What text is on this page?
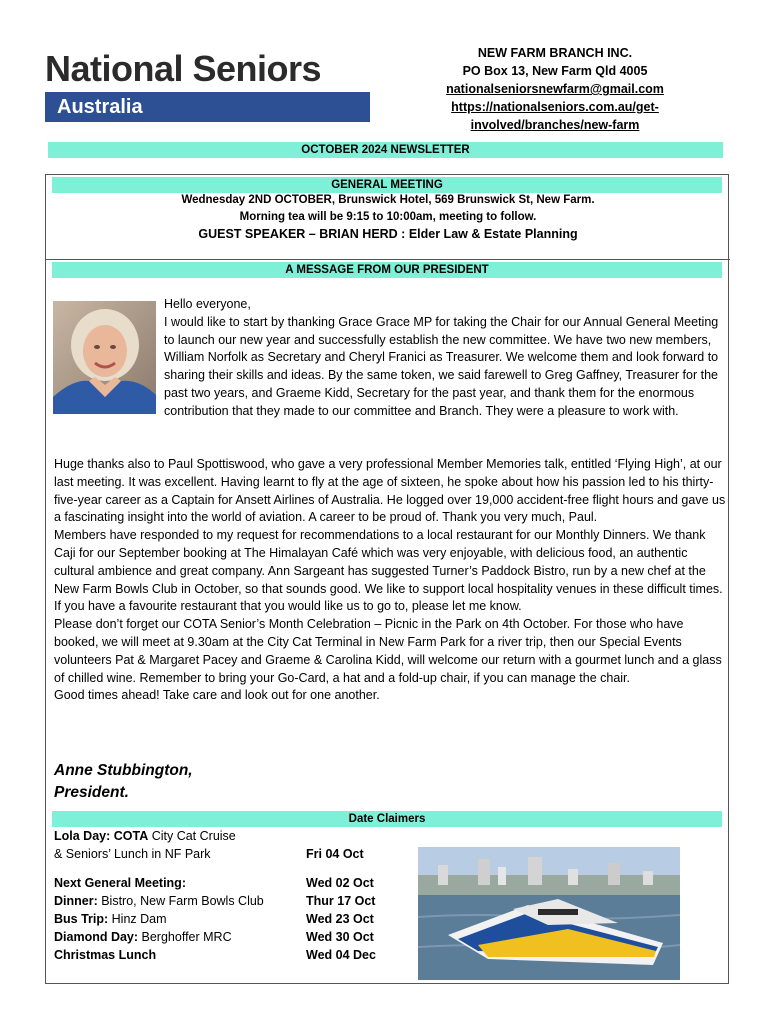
National Seniors
Australia
NEW FARM BRANCH INC.
PO Box 13, New Farm Qld 4005
nationalseniorsnewfarm@gmail.com
https://nationalseniors.com.au/get-
involved/branches/new-farm
OCTOBER 2024 NEWSLETTER
GENERAL MEETING
Wednesday 2ND OCTOBER, Brunswick Hotel, 569 Brunswick St, New Farm.
Morning tea will be 9:15 to 10:00am, meeting to follow.
GUEST SPEAKER – BRIAN HERD : Elder Law & Estate Planning
A MESSAGE FROM OUR PRESIDENT

Hello everyone,

I would like to start by thanking Grace Grace MP for taking the Chair for our Annual General Meeting to launch our new year and successfully establish the new committee. We have two new members, William Norfolk as Secretary and Cheryl Franici as Treasurer. We welcome them and look forward to sharing their skills and ideas. By the same token, we said farewell to Greg Gaffney, Treasurer for the past two years, and Graeme Kidd, Secretary for the past year, and thank them for the enormous contribution that they made to our committee and Branch. They were a pleasure to work with.

Huge thanks also to Paul Spottiswood, who gave a very professional Member Memories talk, entitled ‘Flying High’, at our last meeting. It was excellent. Having learnt to fly at the age of sixteen, he spoke about how his passion led to his thirty-five-year career as a Captain for Ansett Airlines of Australia. He logged over 19,000 accident-free flight hours and gave us a fascinating insight into the world of aviation. A career to be proud of. Thank you very much, Paul.

Members have responded to my request for recommendations to a local restaurant for our Monthly Dinners. We thank Caji for our September booking at The Himalayan Café which was very enjoyable, with delicious food, an authentic cultural ambience and great company. Ann Sargeant has suggested Turner’s Paddock Bistro, run by a new chef at the New Farm Bowls Club in October, so that sounds good. We like to support local hospitality venues in these difficult times. If you have a favourite restaurant that you would like us to go to, please let me know.

Please don’t forget our COTA Senior’s Month Celebration – Picnic in the Park on 4th October. For those who have booked, we will meet at 9.30am at the City Cat Terminal in New Farm Park for a river trip, then our Special Events volunteers Pat & Margaret Pacey and Graeme & Carolina Kidd, will welcome our return with a gourmet lunch and a glass of chilled wine. Remember to bring your Go-Card, a hat and a fold-up chair, if you can manage the chair.

Good times ahead! Take care and look out for one another.

Anne Stubbington,
President.
Date Claimers
Lola Day: COTA City Cat Cruise
& Seniors’ Lunch in NF Park	Fri 04 Oct
Next General Meeting:	Wed 02 Oct
Dinner: Bistro, New Farm Bowls Club	Thur 17 Oct
Bus Trip: Hinz Dam	Wed 23 Oct
Diamond Day: Berghoffer MRC	Wed 30 Oct
Christmas Lunch	Wed 04 Dec
